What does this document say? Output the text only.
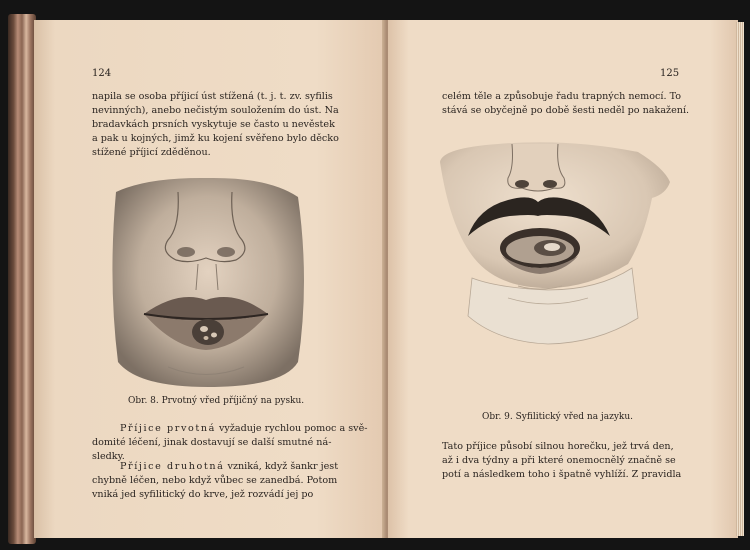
124
napila se osoba příjicí úst stížená (t. j. t. zv. syfilis
nevinných), anebo nečistým souložením do úst. Na
bradavkách prsních vyskytuje se často u nevěstek
a pak u kojných, jimž ku kojení svěřeno bylo děcko
stížené příjicí zděděnou.
Obr. 8. Prvotný vřed příjičný na pysku.
Příjice prvotná vyžaduje rychlou pomoc a svě-
domité léčení, jinak dostavují se další smutné ná-
sledky.
Příjice druhotná vzniká, když šankr jest
chybně léčen, nebo když vůbec se zanedbá. Potom
vniká jed syfilitický do krve, jež rozvádí jej po
125
celém těle a způsobuje řadu trapných nemocí. To
stává se obyčejně po době šesti neděl po nakažení.
Obr. 9. Syfilitický vřed na jazyku.
Tato příjice působí silnou horečku, jež trvá den,
až i dva týdny a při které onemocnělý značně se
potí a následkem toho i špatně vyhlíží. Z pravidla
